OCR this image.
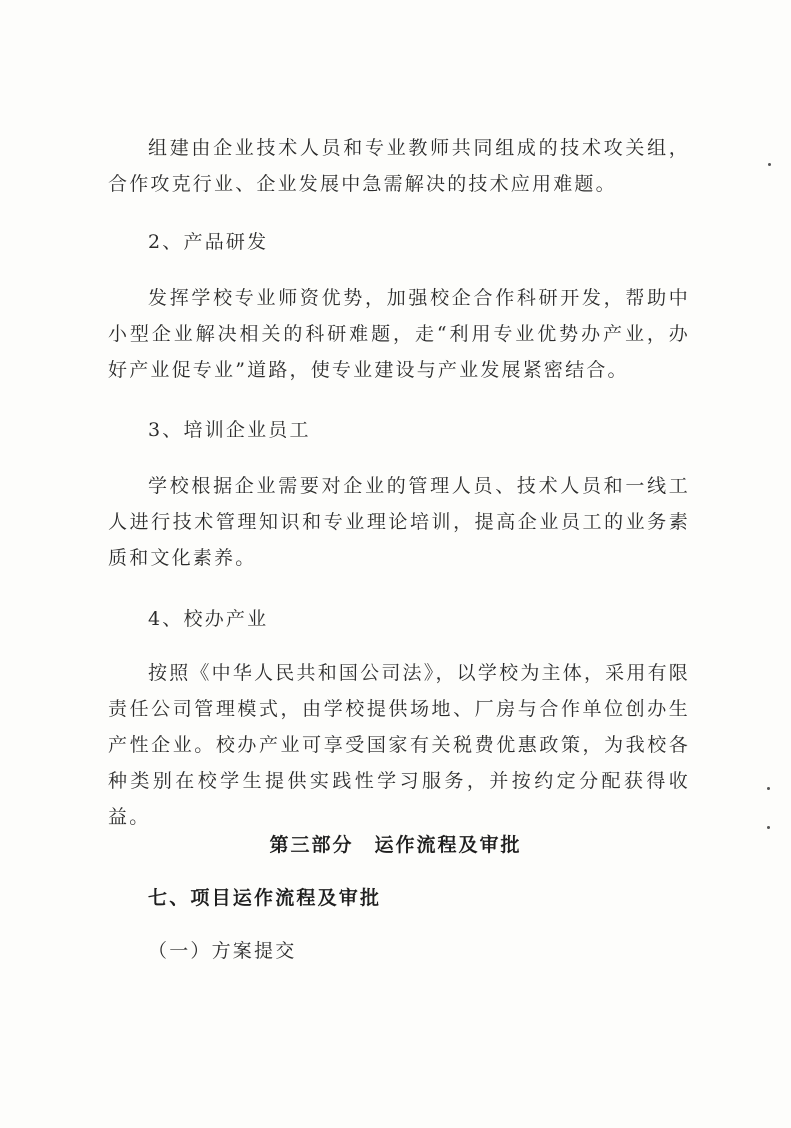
组建由企业技术人员和专业教师共同组成的技术攻关组，合作攻克行业、企业发展中急需解决的技术应用难题。

2、产品研发

发挥学校专业师资优势，加强校企合作科研开发，帮助中小型企业解决相关的科研难题，走“利用专业优势办产业，办好产业促专业”道路，使专业建设与产业发展紧密结合。

3、培训企业员工

学校根据企业需要对企业的管理人员、技术人员和一线工人进行技术管理知识和专业理论培训，提高企业员工的业务素质和文化素养。

4、校办产业

按照《中华人民共和国公司法》，以学校为主体，采用有限责任公司管理模式，由学校提供场地、厂房与合作单位创办生产性企业。校办产业可享受国家有关税费优惠政策，为我校各种类别在校学生提供实践性学习服务，并按约定分配获得收益。

第三部分　运作流程及审批

七、项目运作流程及审批

（一）方案提交
